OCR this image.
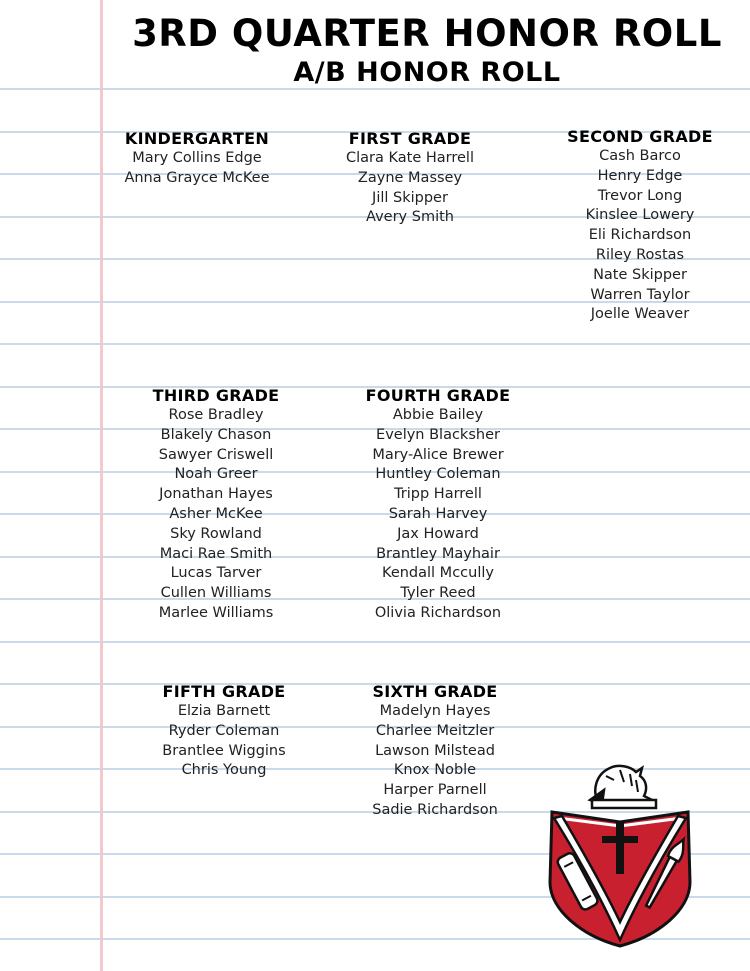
3RD QUARTER HONOR ROLL
A/B HONOR ROLL
KINDERGARTEN
Mary Collins Edge
Anna Grayce McKee
FIRST GRADE
Clara Kate Harrell
Zayne Massey
Jill Skipper
Avery Smith
SECOND GRADE
Cash Barco
Henry Edge
Trevor Long
Kinslee Lowery
Eli Richardson
Riley Rostas
Nate Skipper
Warren Taylor
Joelle Weaver
THIRD GRADE
Rose Bradley
Blakely Chason
Sawyer Criswell
Noah Greer
Jonathan Hayes
Asher McKee
Sky Rowland
Maci Rae Smith
Lucas Tarver
Cullen Williams
Marlee Williams
FOURTH GRADE
Abbie Bailey
Evelyn Blacksher
Mary-Alice Brewer
Huntley Coleman
Tripp Harrell
Sarah Harvey
Jax Howard
Brantley Mayhair
Kendall Mccully
Tyler Reed
Olivia Richardson
FIFTH GRADE
Elzia Barnett
Ryder Coleman
Brantlee Wiggins
Chris Young
SIXTH GRADE
Madelyn Hayes
Charlee Meitzler
Lawson Milstead
Knox Noble
Harper Parnell
Sadie Richardson
